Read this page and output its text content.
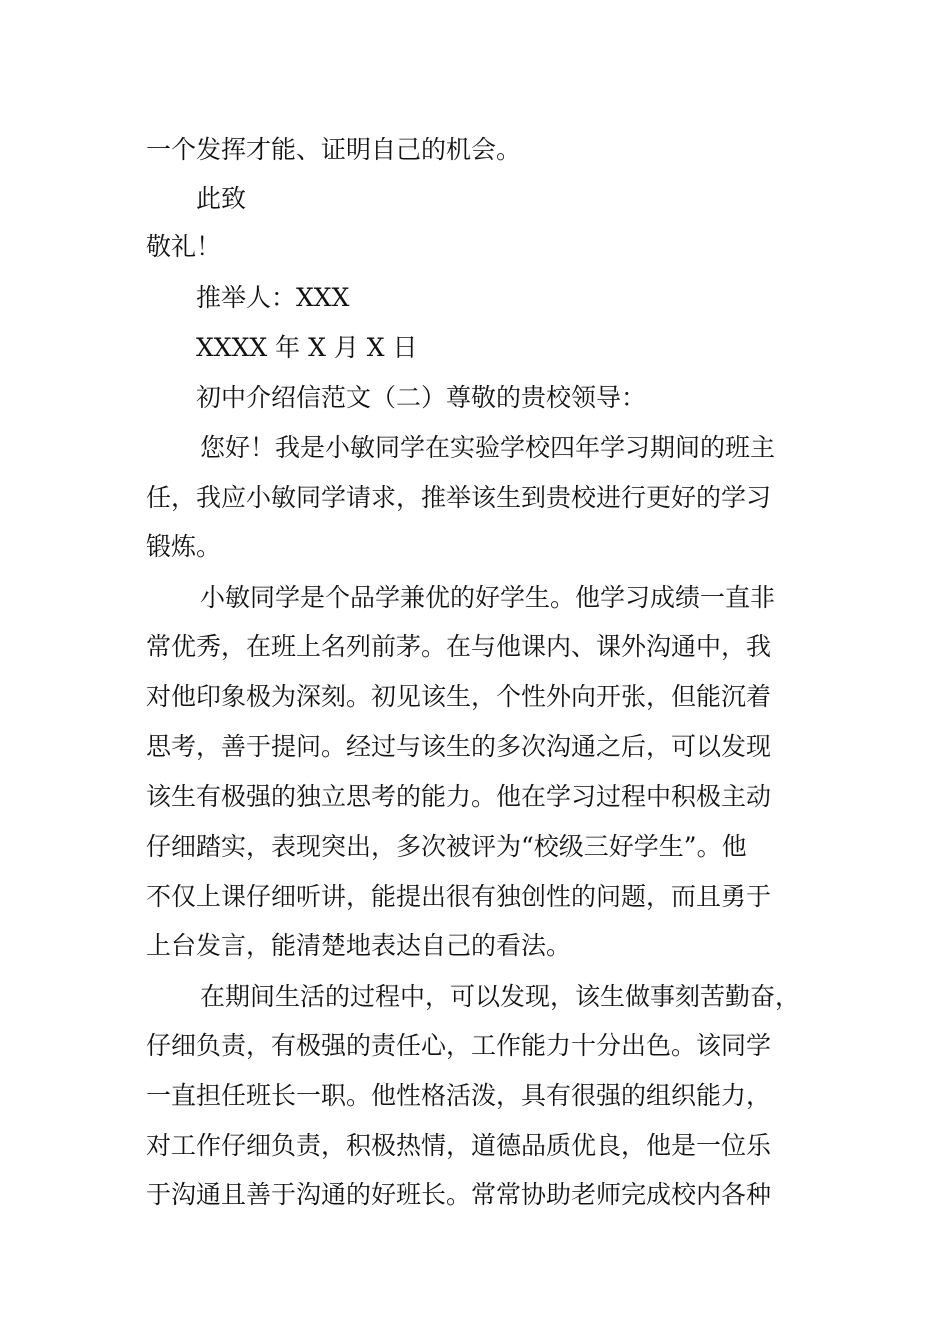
一个发挥才能、证明自己的机会。
此致
敬礼！
推举人：XXX
XXXX 年 X 月 X 日
初中介绍信范文（二）尊敬的贵校领导：
您好！我是小敏同学在实验学校四年学习期间的班主
任，我应小敏同学请求，推举该生到贵校进行更好的学习
锻炼。
小敏同学是个品学兼优的好学生。他学习成绩一直非
常优秀，在班上名列前茅。在与他课内、课外沟通中，我
对他印象极为深刻。初见该生，个性外向开张，但能沉着
思考，善于提问。经过与该生的多次沟通之后，可以发现
该生有极强的独立思考的能力。他在学习过程中积极主动
仔细踏实，表现突出，多次被评为“校级三好学生”。他
不仅上课仔细听讲，能提出很有独创性的问题，而且勇于
上台发言，能清楚地表达自己的看法。
在期间生活的过程中，可以发现，该生做事刻苦勤奋，
仔细负责，有极强的责任心，工作能力十分出色。该同学
一直担任班长一职。他性格活泼，具有很强的组织能力，
对工作仔细负责，积极热情，道德品质优良，他是一位乐
于沟通且善于沟通的好班长。常常协助老师完成校内各种
